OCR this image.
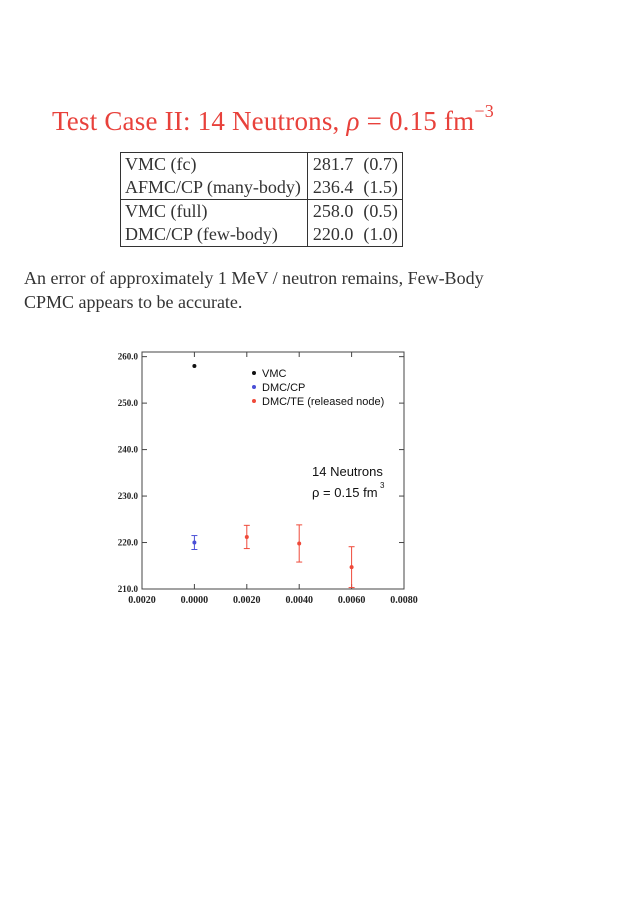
Test Case II: 14 Neutrons, ρ = 0.15 $fm^{-3}$
VMC (fc)	281.7	(0.7)
AFMC/CP (many-body)	236.4	(1.5)
VMC (full)	258.0	(0.5)
DMC/CP (few-body)	220.0	(1.0)
An error of approximately 1 MeV / neutron remains, Few-Body CPMC appears to be accurate.
210.0
220.0
230.0
240.0
250.0
260.0
0.0020 0.0000 0.0020 0.0040 0.0060 0.0080
VMC
DMC/CP
DMC/TE (released node)
14 Neutrons
ρ = 0.15 fm 3
